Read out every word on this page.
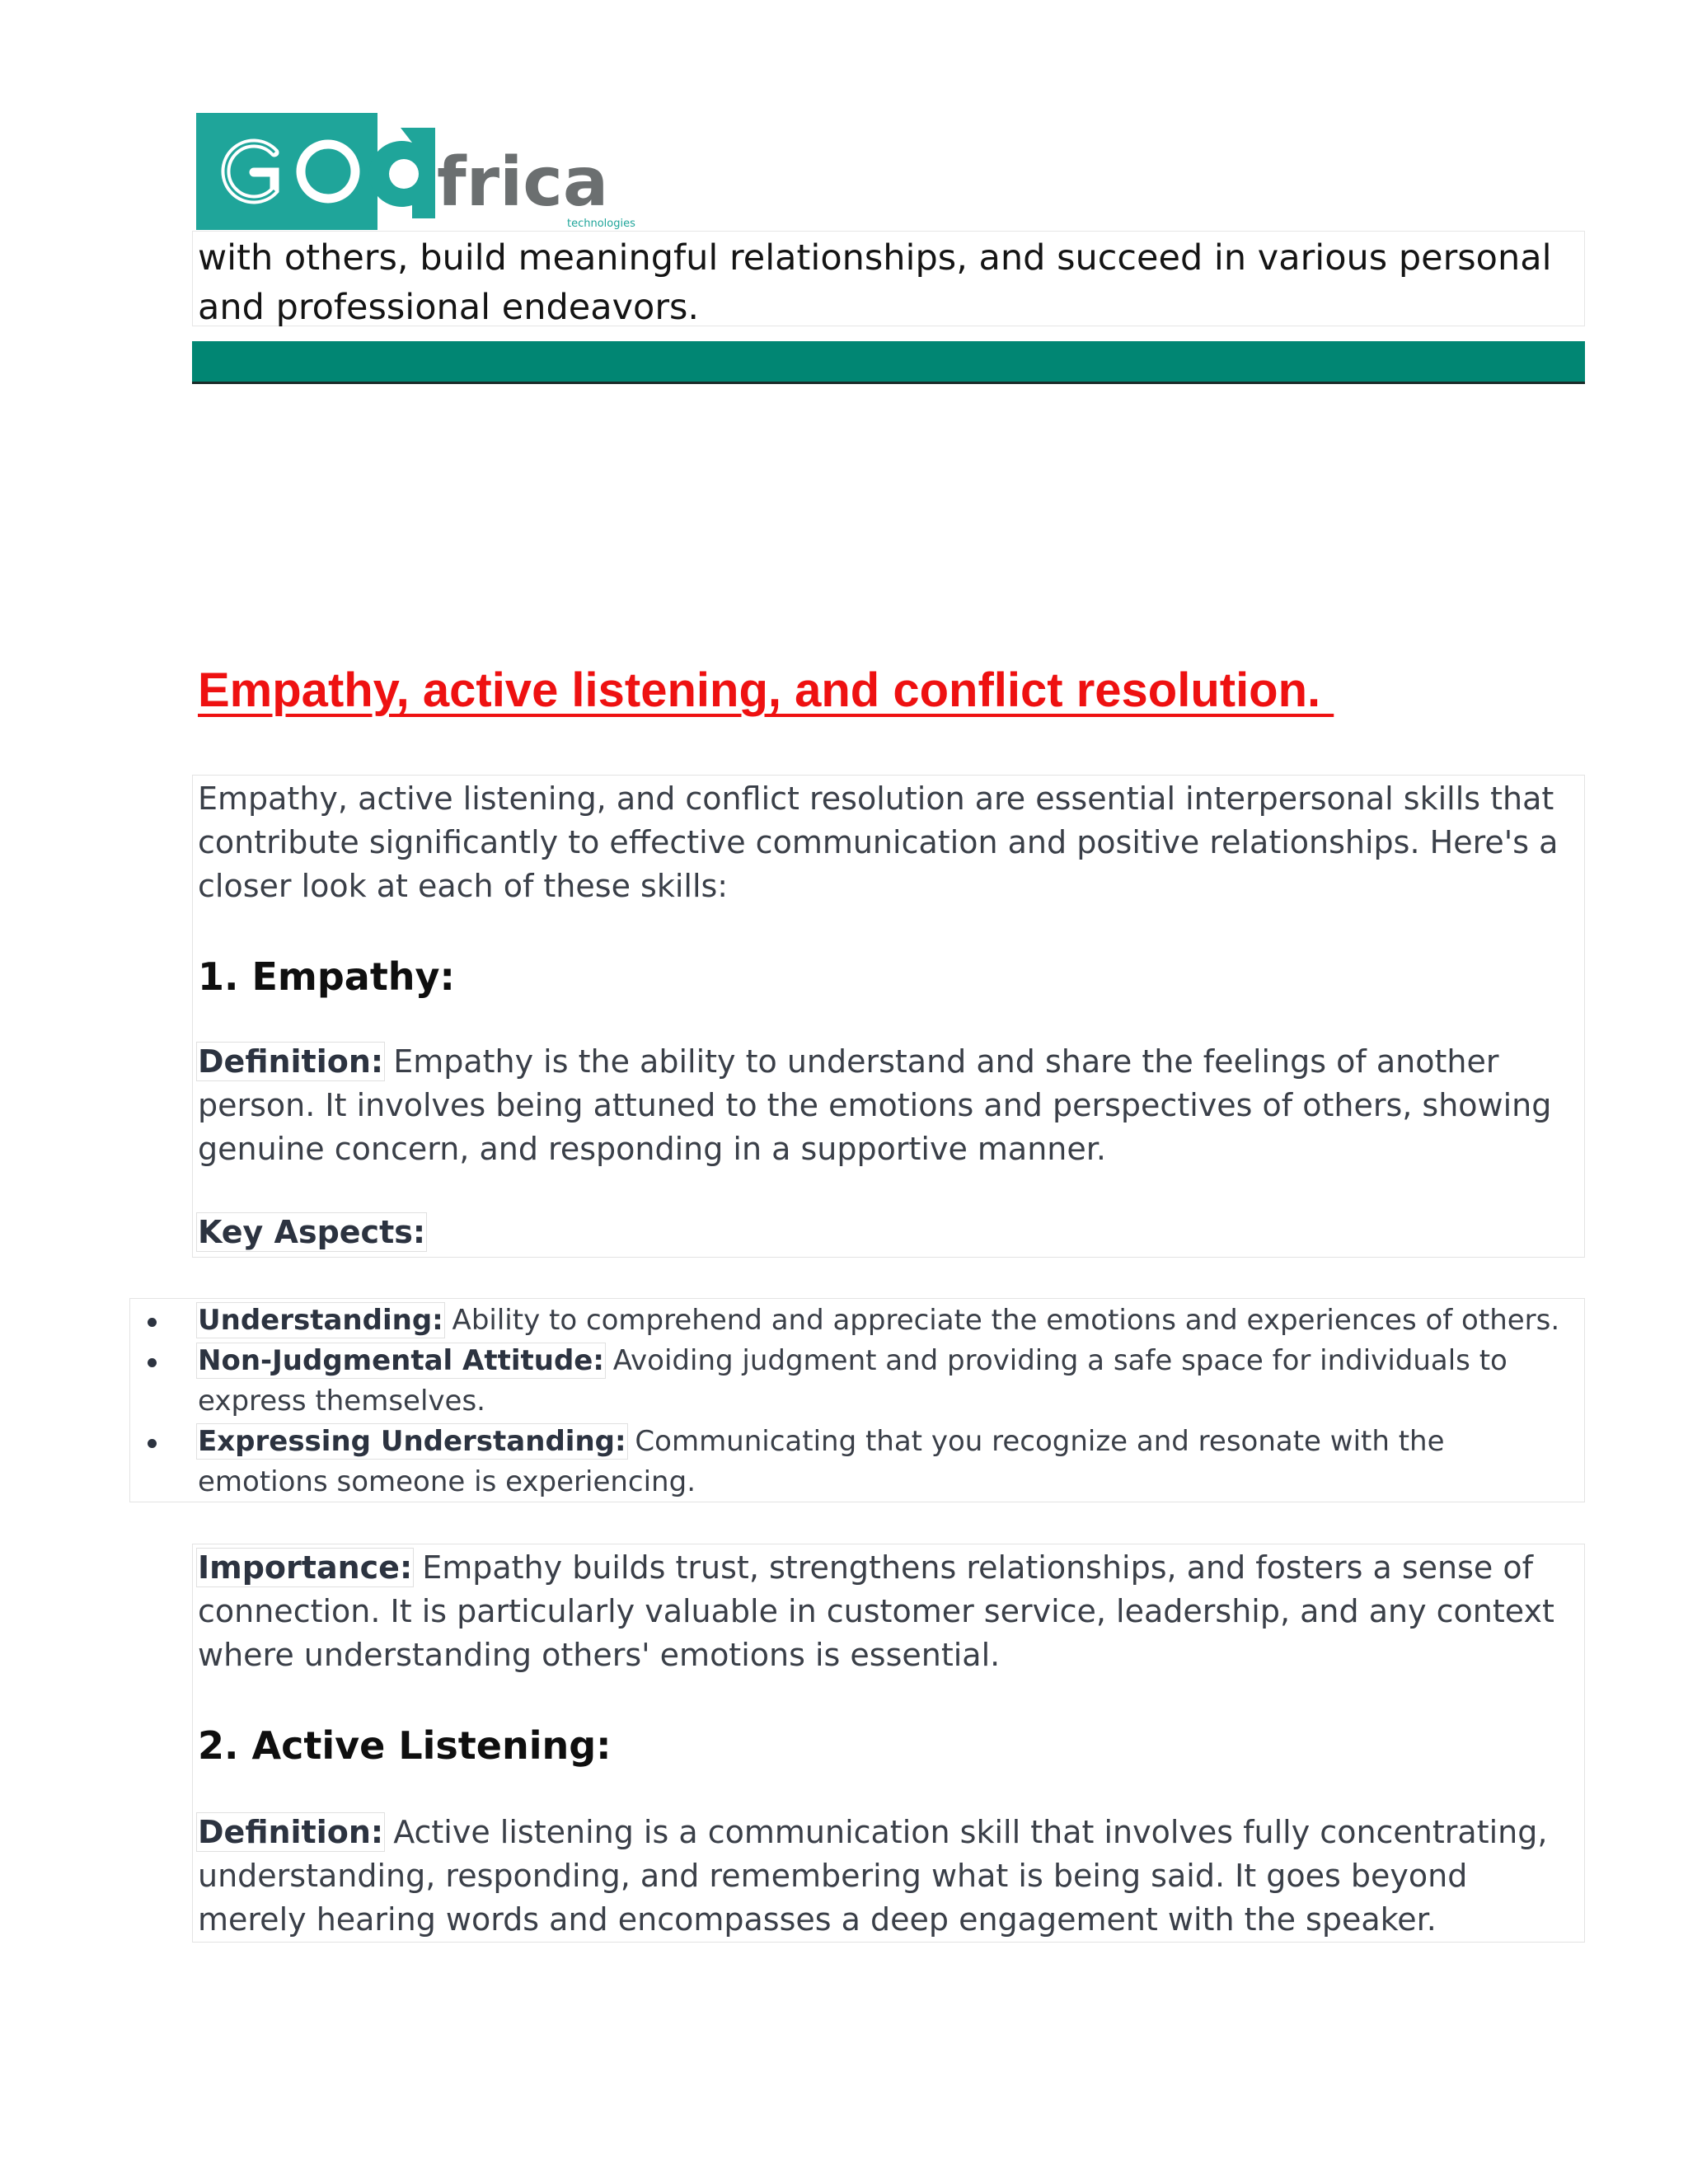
frica
technologies
with others, build meaningful relationships, and succeed in various personal and professional endeavors.
Empathy, active listening, and conflict resolution.
Empathy, active listening, and conflict resolution are essential interpersonal skills that contribute significantly to effective communication and positive relationships. Here's a closer look at each of these skills:
1. Empathy:
Definition: Empathy is the ability to understand and share the feelings of another person. It involves being attuned to the emotions and perspectives of others, showing genuine concern, and responding in a supportive manner.
Key Aspects:
Understanding: Ability to comprehend and appreciate the emotions and experiences of others.
Non-Judgmental Attitude: Avoiding judgment and providing a safe space for individuals to express themselves.
Expressing Understanding: Communicating that you recognize and resonate with the emotions someone is experiencing.
Importance: Empathy builds trust, strengthens relationships, and fosters a sense of connection. It is particularly valuable in customer service, leadership, and any context where understanding others' emotions is essential.
2. Active Listening:
Definition: Active listening is a communication skill that involves fully concentrating, understanding, responding, and remembering what is being said. It goes beyond merely hearing words and encompasses a deep engagement with the speaker.
